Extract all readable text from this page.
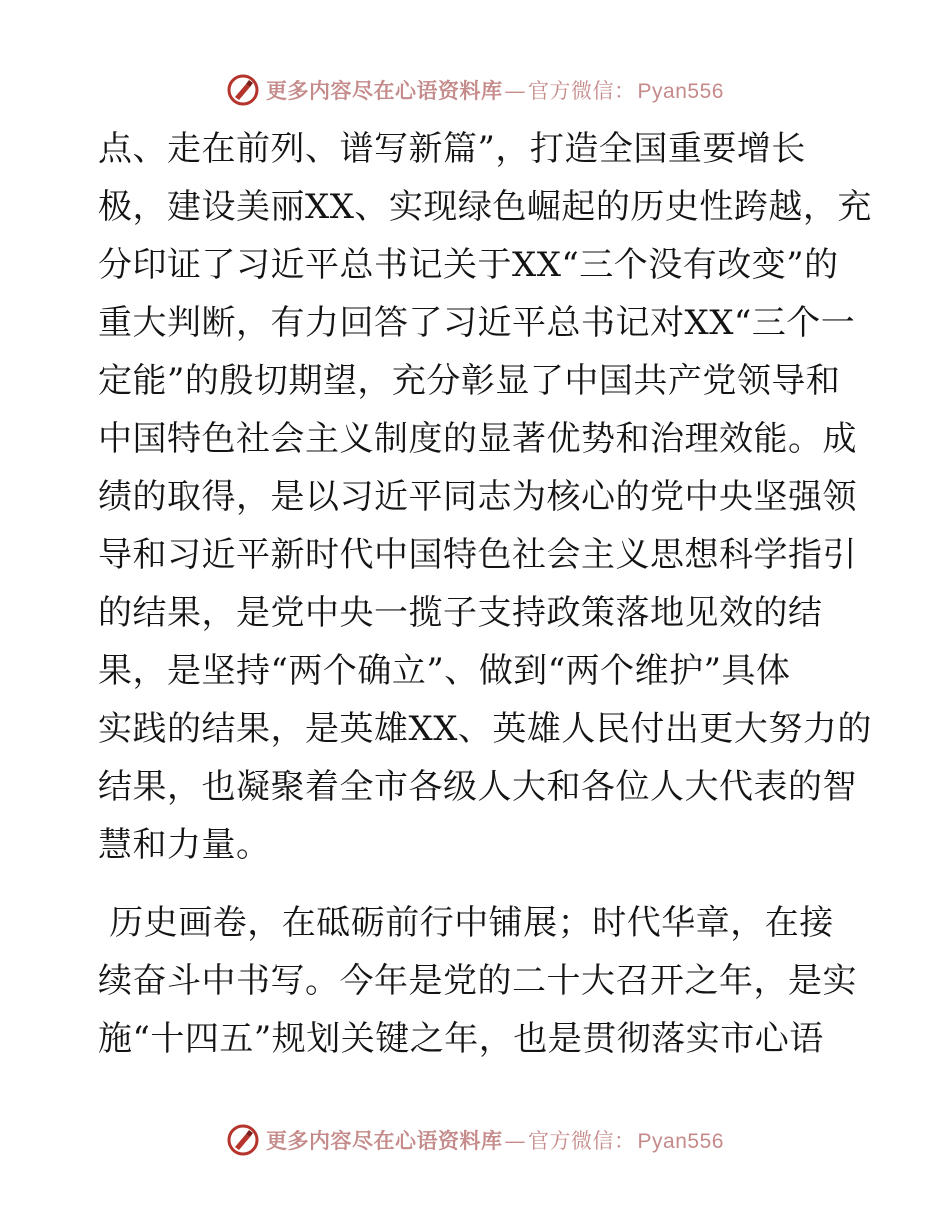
更多内容尽在心语资料库 — 官方微信： Pyan556
点、走在前列、谱写新篇”，打造全国重要增长
极，建设美丽XX、实现绿色崛起的历史性跨越，充
分印证了习近平总书记关于XX“三个没有改变”的
重大判断，有力回答了习近平总书记对XX“三个一
定能”的殷切期望，充分彰显了中国共产党领导和
中国特色社会主义制度的显著优势和治理效能。成
绩的取得，是以习近平同志为核心的党中央坚强领
导和习近平新时代中国特色社会主义思想科学指引
的结果，是党中央一揽子支持政策落地见效的结
果，是坚持“两个确立”、做到“两个维护”具体
实践的结果，是英雄XX、英雄人民付出更大努力的
结果，也凝聚着全市各级人大和各位人大代表的智
慧和力量。
历史画卷，在砥砺前行中铺展；时代华章，在接
续奋斗中书写。今年是党的二十大召开之年，是实
施“十四五”规划关键之年，也是贯彻落实市心语
更多内容尽在心语资料库 — 官方微信： Pyan556
